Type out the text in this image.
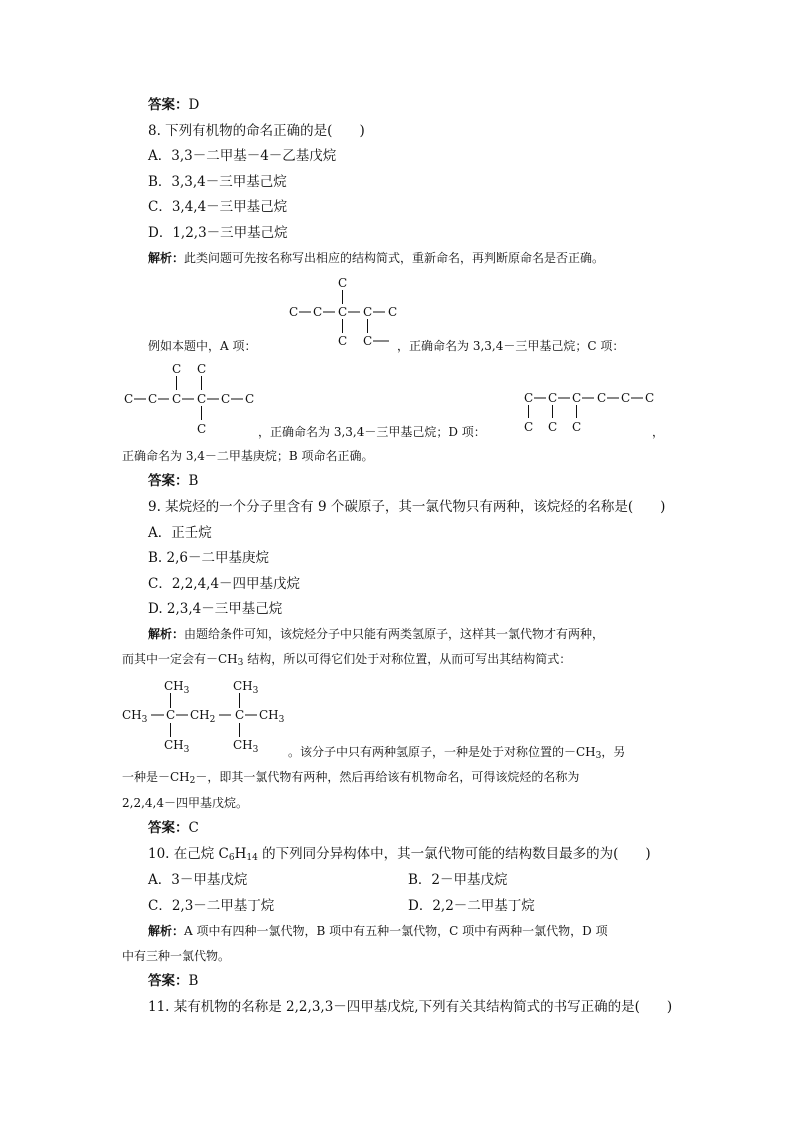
答案：D
8. 下列有机物的命名正确的是(　　)
A．3,3－二甲基－4－乙基戊烷
B．3,3,4－三甲基己烷
C．3,4,4－三甲基己烷
D．1,2,3－三甲基己烷
解析：此类问题可先按名称写出相应的结构简式，重新命名，再判断原命名是否正确。
C
C C C C C
C C
例如本题中，A 项：	，正确命名为 3,3,4－三甲基己烷；C 项：
C C
C C C C C C
C	，正确命名为 3,3,4－三甲基己烷；D 项：
C C C C C C
C C C	，
正确命名为 3,4－二甲基庚烷；B 项命名正确。
答案：B
9. 某烷烃的一个分子里含有 9 个碳原子，其一氯代物只有两种，该烷烃的名称是(　　)
A．正壬烷
B. 2,6－二甲基庚烷
C．2,2,4,4－四甲基戊烷
D. 2,3,4－三甲基己烷
解析：由题给条件可知，该烷烃分子中只能有两类氢原子，这样其一氯代物才有两种，
而其中一定会有$-CH_3$ 结构，所以可得它们处于对称位置，从而可写出其结构简式：
$CH_3$	$CH_3$
$CH_3$ C $CH_2$ C $CH_3$
$CH_3$	$CH_3$ 。该分子中只有两种氢原子，一种是处于对称位置的$-CH_3$，另
一种是$-CH_2-$，即其一氯代物有两种，然后再给该有机物命名，可得该烷烃的名称为
2,2,4,4－四甲基戊烷。
答案：C
10. 在己烷 $C_6H_{14}$ 的下列同分异构体中，其一氯代物可能的结构数目最多的为(　　)
A．3－甲基戊烷	B．2－甲基戊烷
C．2,3－二甲基丁烷	D．2,2－二甲基丁烷
解析：A 项中有四种一氯代物，B 项中有五种一氯代物，C 项中有两种一氯代物，D 项
中有三种一氯代物。
答案：B
11. 某有机物的名称是 2,2,3,3－四甲基戊烷,下列有关其结构简式的书写正确的是(　　)
